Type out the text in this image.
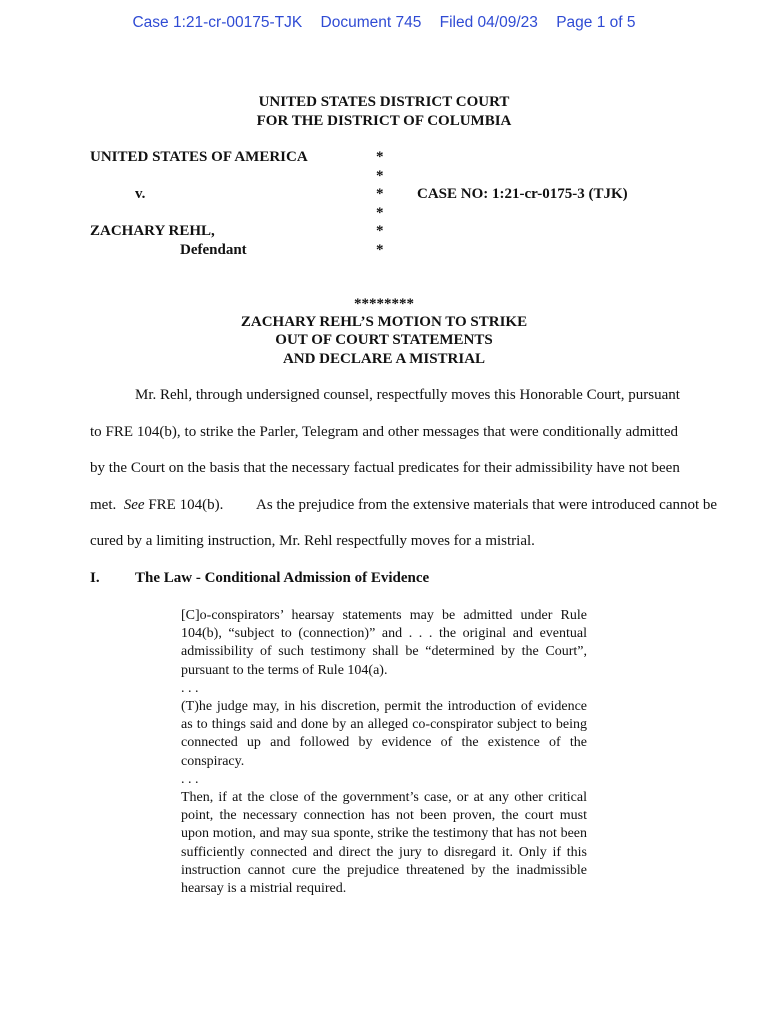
Case 1:21-cr-00175-TJK Document 745 Filed 04/09/23 Page 1 of 5
UNITED STATES DISTRICT COURT
FOR THE DISTRICT OF COLUMBIA
UNITED STATES OF AMERICA
v.
ZACHARY REHL,
Defendant
*
*
*
*
*
*
CASE NO: 1:21-cr-0175-3 (TJK)
********
ZACHARY REHL’S MOTION TO STRIKE
OUT OF COURT STATEMENTS
AND DECLARE A MISTRIAL
Mr. Rehl, through undersigned counsel, respectfully moves this Honorable Court, pursuant
to FRE 104(b), to strike the Parler, Telegram and other messages that were conditionally admitted
by the Court on the basis that the necessary factual predicates for their admissibility have not been
met. See FRE 104(b). As the prejudice from the extensive materials that were introduced cannot be
cured by a limiting instruction, Mr. Rehl respectfully moves for a mistrial.
I. The Law - Conditional Admission of Evidence

[C]o-conspirators’ hearsay statements may be admitted under Rule 104(b), “subject to (connection)” and . . . the original and eventual admissibility of such testimony shall be “determined by the Court”, pursuant to the terms of Rule 104(a).

. . .

(T)he judge may, in his discretion, permit the introduction of evidence as to things said and done by an alleged co-conspirator subject to being connected up and followed by evidence of the existence of the conspiracy.

. . .

Then, if at the close of the government’s case, or at any other critical point, the necessary connection has not been proven, the court must upon motion, and may sua sponte, strike the testimony that has not been sufficiently connected and direct the jury to disregard it. Only if this instruction cannot cure the prejudice threatened by the inadmissible hearsay is a mistrial required.
